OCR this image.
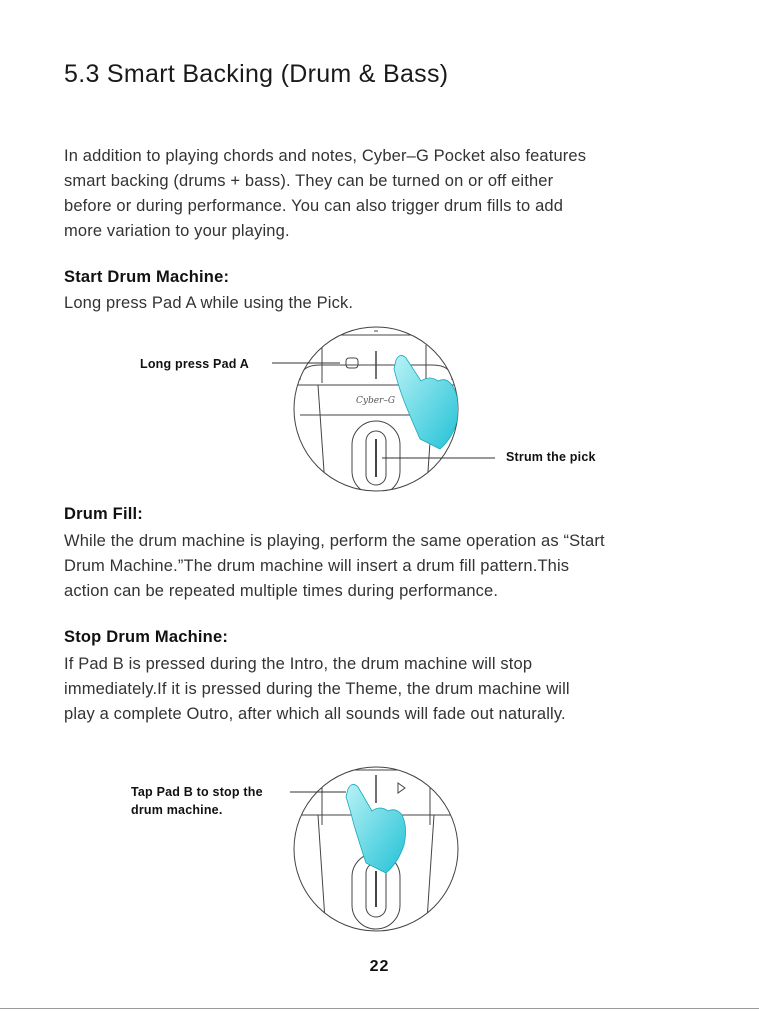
5.3 Smart Backing (Drum & Bass)

In addition to playing chords and notes, Cyber–G Pocket also features

smart backing (drums + bass). They can be turned on or off either

before or during performance. You can also trigger drum fills to add

more variation to your playing.

Start Drum Machine:

Long press Pad A while using the Pick.

Cyber–G
Long press Pad A
Strum the pick
Drum Fill:

While the drum machine is playing, perform the same operation as “Start

Drum Machine.”The drum machine will insert a drum fill pattern.This

action can be repeated multiple times during performance.

Stop Drum Machine:

If Pad B is pressed during the Intro, the drum machine will stop

immediately.If it is pressed during the Theme, the drum machine will

play a complete Outro, after which all sounds will fade out naturally.

Tap Pad B to stop the
drum machine.
22
